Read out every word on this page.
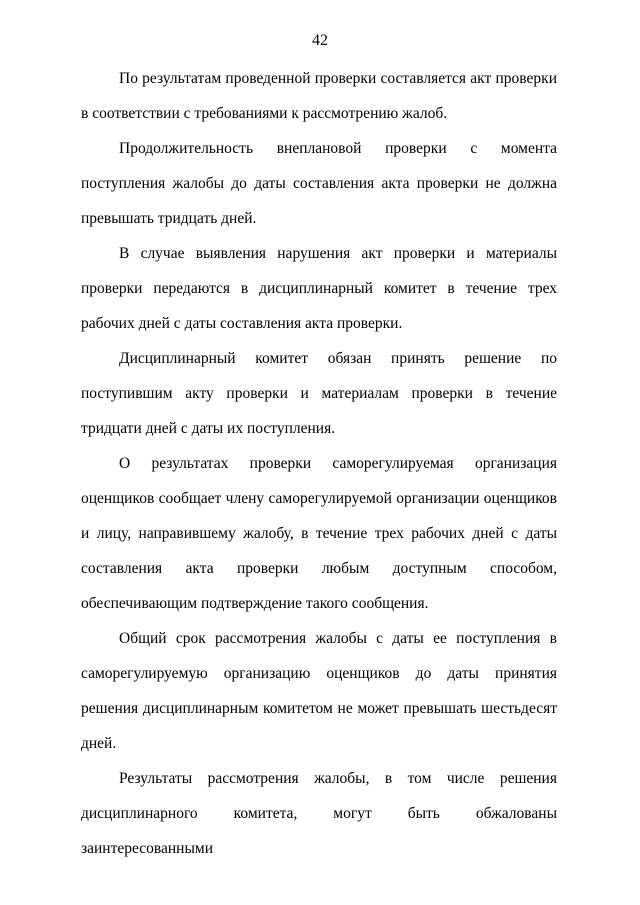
42

По результатам проведенной проверки составляется акт проверки в соответствии с требованиями к рассмотрению жалоб.

Продолжительность внеплановой проверки с момента поступления жалобы до даты составления акта проверки не должна превышать тридцать дней.

В случае выявления нарушения акт проверки и материалы проверки передаются в дисциплинарный комитет в течение трех рабочих дней с даты составления акта проверки.

Дисциплинарный комитет обязан принять решение по поступившим акту проверки и материалам проверки в течение тридцати дней с даты их поступления.

О результатах проверки саморегулируемая организация оценщиков сообщает члену саморегулируемой организации оценщиков и лицу, направившему жалобу, в течение трех рабочих дней с даты составления акта проверки любым доступным способом, обеспечивающим подтверждение такого сообщения.

Общий срок рассмотрения жалобы с даты ее поступления в саморегулируемую организацию оценщиков до даты принятия решения дисциплинарным комитетом не может превышать шестьдесят дней.

Результаты рассмотрения жалобы, в том числе решения дисциплинарного комитета, могут быть обжалованы заинтересованными
